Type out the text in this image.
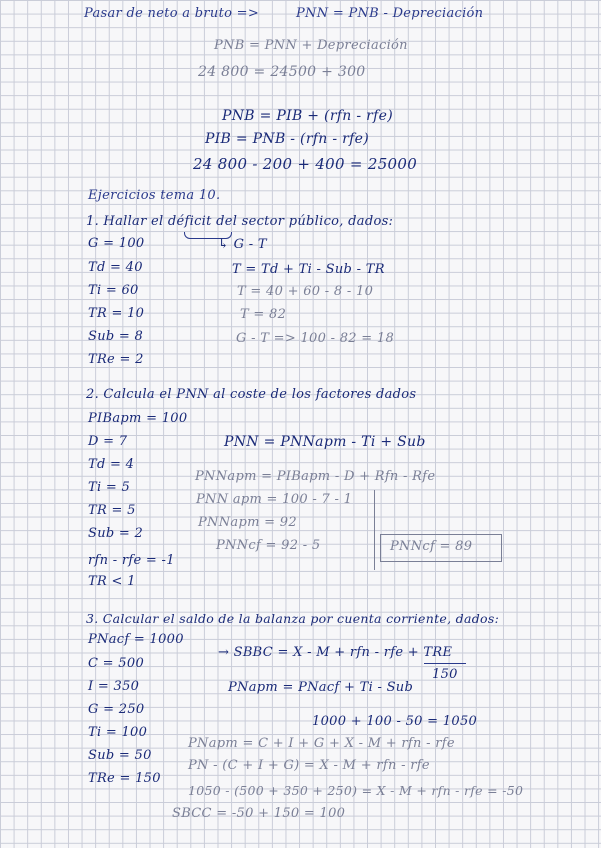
Pasar de neto a bruto =>	PNN = PNB - Depreciación
PNB = PNN + Depreciación
24 800 = 24500 + 300
PNB = PIB + (rfn - rfe)
PIB = PNB - (rfn - rfe)
24 800 - 200 + 400 = 25000
Ejercicios tema 10.
1. Hallar el déficit del sector público, dados:
G = 100	↳ G - T
Td = 40	T = Td + Ti - Sub - TR
Ti = 60	T = 40 + 60 - 8 - 10
TR = 10	T = 82
Sub = 8	G - T => 100 - 82 = 18
TRe = 2
2. Calcula el PNN al coste de los factores dados
PIBapm = 100
D = 7	PNN = PNNapm - Ti + Sub
Td = 4
PNNapm = PIBapm - D + Rfn - Rfe
Ti = 5
PNN apm = 100 - 7 - 1
TR = 5
PNNapm = 92
Sub = 2
PNNcf = 92 - 5	PNNcf = 89
rfn - rfe = -1
TR < 1
3. Calcular el saldo de la balanza por cuenta corriente, dados:
PNacf = 1000
→ SBBC = X - M + rfn - rfe + TRE
C = 500
150
I = 350	PNapm = PNacf + Ti - Sub
G = 250
Ti = 100
1000 + 100 - 50 = 1050
Sub = 50
PNapm = C + I + G + X - M + rfn - rfe
TRe = 150
PN - (C + I + G) = X - M + rfn - rfe
1050 - (500 + 350 + 250) = X - M + rfn - rfe = -50
SBCC = -50 + 150 = 100
